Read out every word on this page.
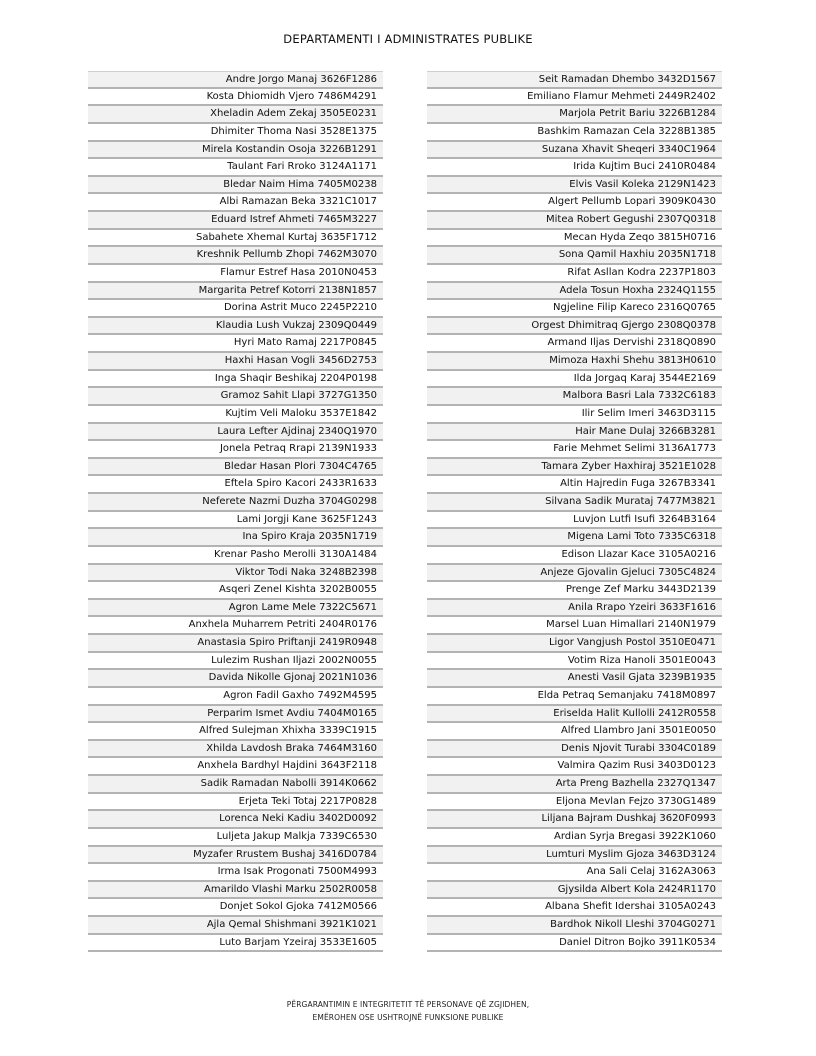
DEPARTAMENTI I ADMINISTRATES PUBLIKE
Andre Jorgo Manaj 3626F1286
Kosta Dhiomidh Vjero 7486M4291
Xheladin Adem Zekaj 3505E0231
Dhimiter Thoma Nasi 3528E1375
Mirela Kostandin Osoja 3226B1291
Taulant Fari Rroko 3124A1171
Bledar Naim Hima 7405M0238
Albi Ramazan Beka 3321C1017
Eduard Istref Ahmeti 7465M3227
Sabahete Xhemal Kurtaj 3635F1712
Kreshnik Pellumb Zhopi 7462M3070
Flamur Estref Hasa 2010N0453
Margarita Petref Kotorri 2138N1857
Dorina Astrit Muco 2245P2210
Klaudia Lush Vukzaj 2309Q0449
Hyri Mato Ramaj 2217P0845
Haxhi Hasan Vogli 3456D2753
Inga Shaqir Beshikaj 2204P0198
Gramoz Sahit Llapi 3727G1350
Kujtim Veli Maloku 3537E1842
Laura Lefter Ajdinaj 2340Q1970
Jonela Petraq Rrapi 2139N1933
Bledar Hasan Plori 7304C4765
Eftela Spiro Kacori 2433R1633
Neferete Nazmi Duzha 3704G0298
Lami Jorgji Kane 3625F1243
Ina Spiro Kraja 2035N1719
Krenar Pasho Merolli 3130A1484
Viktor Todi Naka 3248B2398
Asqeri Zenel Kishta 3202B0055
Agron Lame Mele 7322C5671
Anxhela Muharrem Petriti 2404R0176
Anastasia Spiro Priftanji 2419R0948
Lulezim Rushan Iljazi 2002N0055
Davida Nikolle Gjonaj 2021N1036
Agron Fadil Gaxho 7492M4595
Perparim Ismet Avdiu 7404M0165
Alfred Sulejman Xhixha 3339C1915
Xhilda Lavdosh Braka 7464M3160
Anxhela Bardhyl Hajdini 3643F2118
Sadik Ramadan Nabolli 3914K0662
Erjeta Teki Totaj 2217P0828
Lorenca Neki Kadiu 3402D0092
Luljeta Jakup Malkja 7339C6530
Myzafer Rrustem Bushaj 3416D0784
Irma Isak Progonati 7500M4993
Amarildo Vlashi Marku 2502R0058
Donjet Sokol Gjoka 7412M0566
Ajla Qemal Shishmani 3921K1021
Luto Barjam Yzeiraj 3533E1605
Seit Ramadan Dhembo 3432D1567
Emiliano Flamur Mehmeti 2449R2402
Marjola Petrit Bariu 3226B1284
Bashkim Ramazan Cela 3228B1385
Suzana Xhavit Sheqeri 3340C1964
Irida Kujtim Buci 2410R0484
Elvis Vasil Koleka 2129N1423
Algert Pellumb Lopari 3909K0430
Mitea Robert Gegushi 2307Q0318
Mecan Hyda Zeqo 3815H0716
Sona Qamil Haxhiu 2035N1718
Rifat Asllan Kodra 2237P1803
Adela Tosun Hoxha 2324Q1155
Ngjeline Filip Kareco 2316Q0765
Orgest Dhimitraq Gjergo 2308Q0378
Armand Iljas Dervishi 2318Q0890
Mimoza Haxhi Shehu 3813H0610
Ilda Jorgaq Karaj 3544E2169
Malbora Basri Lala 7332C6183
Ilir Selim Imeri 3463D3115
Hair Mane Dulaj 3266B3281
Farie Mehmet Selimi 3136A1773
Tamara Zyber Haxhiraj 3521E1028
Altin Hajredin Fuga 3267B3341
Silvana Sadik Murataj 7477M3821
Luvjon Lutfi Isufi 3264B3164
Migena Lami Toto 7335C6318
Edison Llazar Kace 3105A0216
Anjeze Gjovalin Gjeluci 7305C4824
Prenge Zef Marku 3443D2139
Anila Rrapo Yzeiri 3633F1616
Marsel Luan Himallari 2140N1979
Ligor Vangjush Postol 3510E0471
Votim Riza Hanoli 3501E0043
Anesti Vasil Gjata 3239B1935
Elda Petraq Semanjaku 7418M0897
Eriselda Halit Kullolli 2412R0558
Alfred Llambro Jani 3501E0050
Denis Njovit Turabi 3304C0189
Valmira Qazim Rusi 3403D0123
Arta Preng Bazhella 2327Q1347
Eljona Mevlan Fejzo 3730G1489
Liljana Bajram Dushkaj 3620F0993
Ardian Syrja Bregasi 3922K1060
Lumturi Myslim Gjoza 3463D3124
Ana Sali Celaj 3162A3063
Gjysilda Albert Kola 2424R1170
Albana Shefit Idershai 3105A0243
Bardhok Nikoll Lleshi 3704G0271
Daniel Ditron Bojko 3911K0534
PËRGARANTIMIN E INTEGRITETIT TË PERSONAVE QË ZGJIDHEN,
EMËROHEN OSE USHTROJNË FUNKSIONE PUBLIKE
